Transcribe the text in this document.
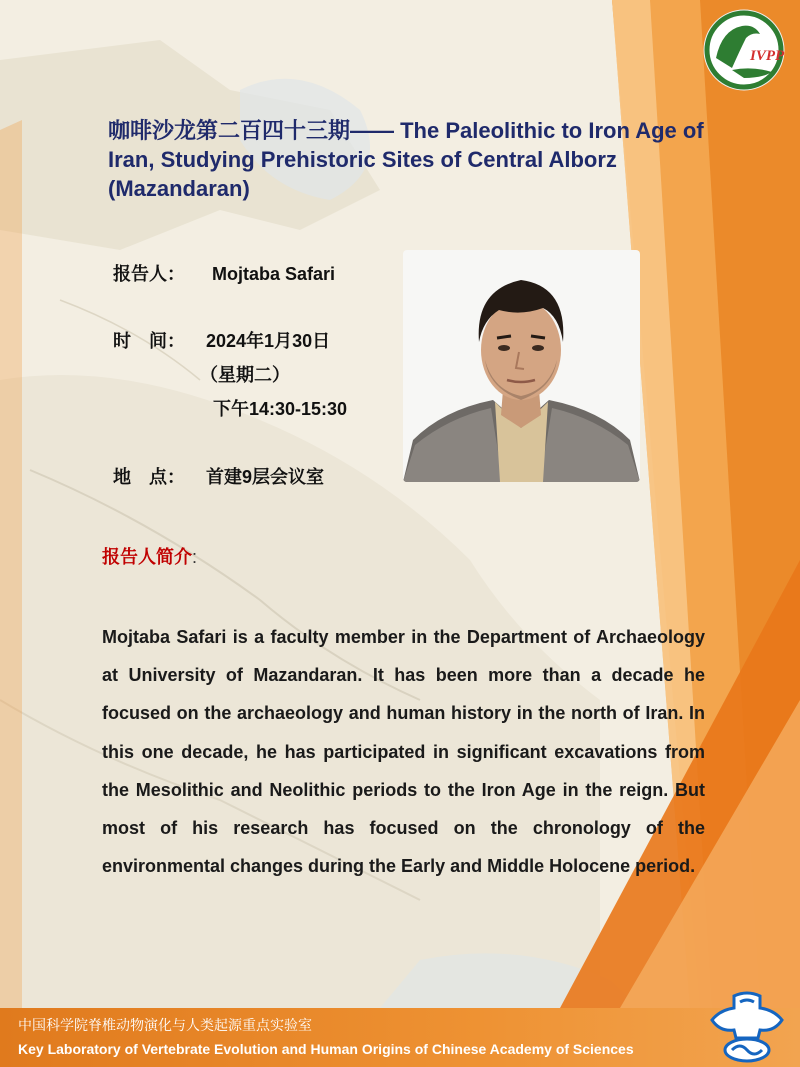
IVPP
咖啡沙龙第二百四十三期—— The Paleolithic to Iron Age of Iran, Studying Prehistoric Sites of Central Alborz (Mazandaran)
报告人： Mojtaba Safari
时　间： 2024年1月30日
（星期二）
下午14:30-15:30
地　点： 首建9层会议室
报告人简介:
Mojtaba Safari is a faculty member in the Department of Archaeology at University of Mazandaran. It has been more than a decade he focused on the archaeology and human history in the north of Iran. In this one decade, he has participated in significant excavations from the Mesolithic and Neolithic periods to the Iron Age in the reign. But most of his research has focused on the chronology of the environmental changes during the Early and Middle Holocene period.
中国科学院脊椎动物演化与人类起源重点实验室
Key Laboratory of Vertebrate Evolution and Human Origins of Chinese Academy of Sciences
